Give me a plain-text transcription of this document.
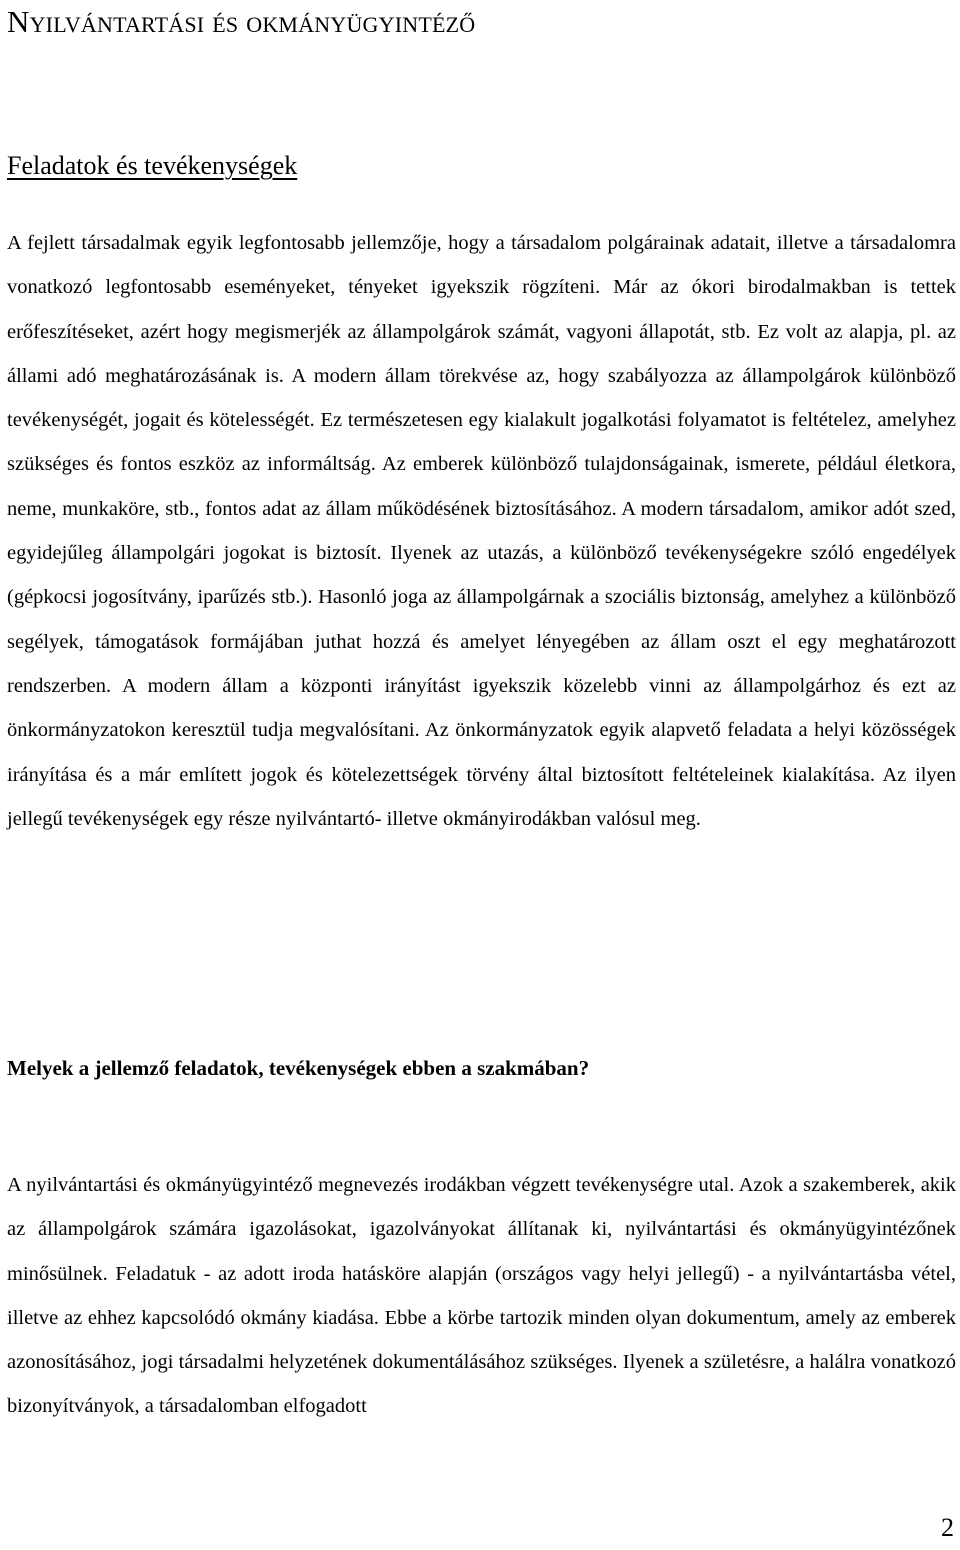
Nyilvántartási és okmányügyintéző
Feladatok és tevékenységek

A fejlett társadalmak egyik legfontosabb jellemzője, hogy a társadalom polgárainak adatait, illetve a társadalomra vonatkozó legfontosabb eseményeket, tényeket igyekszik rögzíteni. Már az ókori birodalmakban is tettek erőfeszítéseket, azért hogy megismerjék az állampolgárok számát, vagyoni állapotát, stb. Ez volt az alapja, pl. az állami adó meghatározásának is. A modern állam törekvése az, hogy szabályozza az állampolgárok különböző tevékenységét, jogait és kötelességét. Ez természetesen egy kialakult jogalkotási folyamatot is feltételez, amelyhez szükséges és fontos eszköz az informáltság. Az emberek különböző tulajdonságainak, ismerete, például életkora, neme, munkaköre, stb., fontos adat az állam működésének biztosításához. A modern társadalom, amikor adót szed, egyidejűleg állampolgári jogokat is biztosít. Ilyenek az utazás, a különböző tevékenységekre szóló engedélyek (gépkocsi jogosítvány, iparűzés stb.). Hasonló joga az állampolgárnak a szociális biztonság, amelyhez a különböző segélyek, támogatások formájában juthat hozzá és amelyet lényegében az állam oszt el egy meghatározott rendszerben. A modern állam a központi irányítást igyekszik közelebb vinni az állampolgárhoz és ezt az önkormányzatokon keresztül tudja megvalósítani. Az önkormányzatok egyik alapvető feladata a helyi közösségek irányítása és a már említett jogok és kötelezettségek törvény által biztosított feltételeinek kialakítása. Az ilyen jellegű tevékenységek egy része nyilvántartó- illetve okmányirodákban valósul meg.

Melyek a jellemző feladatok, tevékenységek ebben a szakmában?

A nyilvántartási és okmányügyintéző megnevezés irodákban végzett tevékenységre utal. Azok a szakemberek, akik az állampolgárok számára igazolásokat, igazolványokat állítanak ki, nyilvántartási és okmányügyintézőnek minősülnek. Feladatuk - az adott iroda hatásköre alapján (országos vagy helyi jellegű) - a nyilvántartásba vétel, illetve az ehhez kapcsolódó okmány kiadása. Ebbe a körbe tartozik minden olyan dokumentum, amely az emberek azonosításához, jogi társadalmi helyzetének dokumentálásához szükséges. Ilyenek a születésre, a halálra vonatkozó bizonyítványok, a társadalomban elfogadott

2
